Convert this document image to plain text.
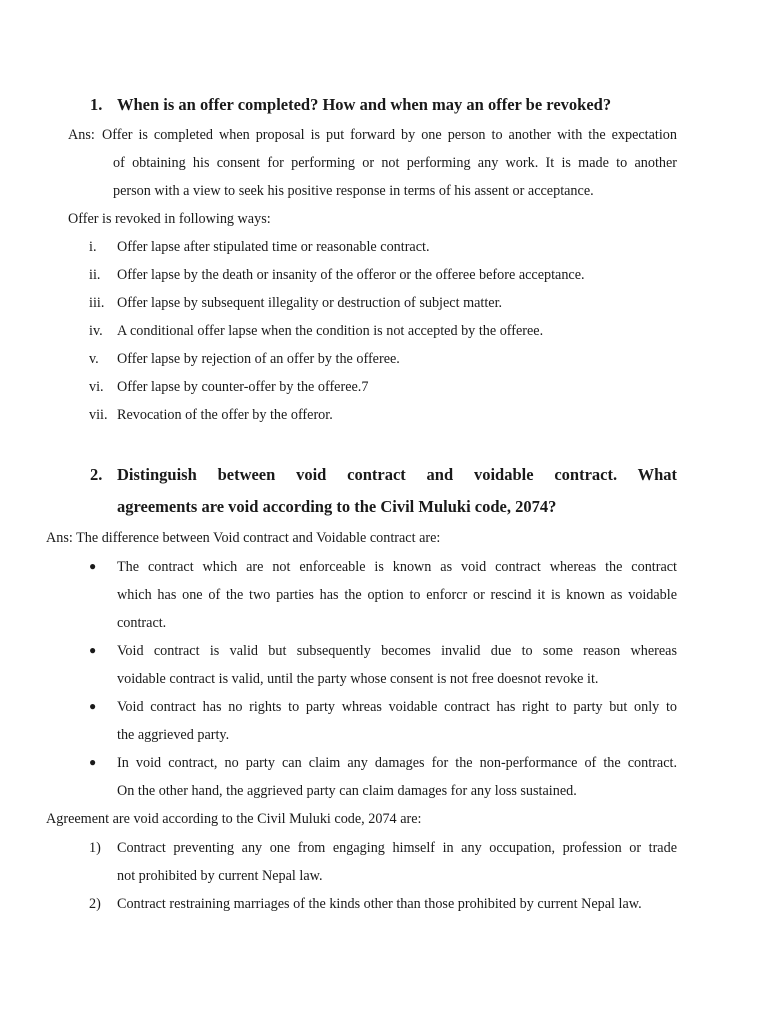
1. When is an offer completed? How and when may an offer be revoked?
Ans: Offer is completed when proposal is put forward by one person to another with the expectation
of obtaining his consent for performing or not performing any work. It is made to another
person with a view to seek his positive response in terms of his assent or acceptance.
Offer is revoked in following ways:
i. Offer lapse after stipulated time or reasonable contract.
ii. Offer lapse by the death or insanity of the offeror or the offeree before acceptance.
iii. Offer lapse by subsequent illegality or destruction of subject matter.
iv. A conditional offer lapse when the condition is not accepted by the offeree.
v. Offer lapse by rejection of an offer by the offeree.
vi. Offer lapse by counter-offer by the offeree.7
vii. Revocation of the offer by the offeror.
2. Distinguish between void contract and voidable contract. What
agreements are void according to the Civil Muluki code, 2074?
Ans: The difference between Void contract and Voidable contract are:
● The contract which are not enforceable is known as void contract whereas the contract
which has one of the two parties has the option to enforcr or rescind it is known as voidable
contract.
● Void contract is valid but subsequently becomes invalid due to some reason whereas
voidable contract is valid, until the party whose consent is not free doesnot revoke it.
● Void contract has no rights to party whreas voidable contract has right to party but only to
the aggrieved party.
● In void contract, no party can claim any damages for the non-performance of the contract.
On the other hand, the aggrieved party can claim damages for any loss sustained.
Agreement are void according to the Civil Muluki code, 2074 are:
1) Contract preventing any one from engaging himself in any occupation, profession or trade
not prohibited by current Nepal law.
2) Contract restraining marriages of the kinds other than those prohibited by current Nepal law.
